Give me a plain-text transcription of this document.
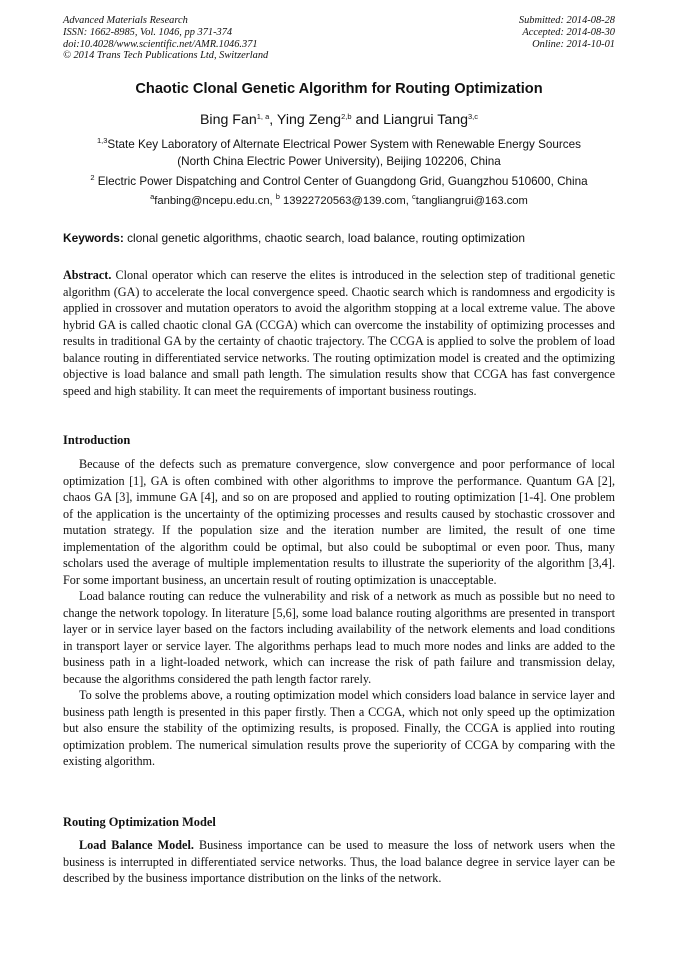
Advanced Materials Research
ISSN: 1662-8985, Vol. 1046, pp 371-374
doi:10.4028/www.scientific.net/AMR.1046.371
© 2014 Trans Tech Publications Ltd, Switzerland
Submitted: 2014-08-28
Accepted: 2014-08-30
Online: 2014-10-01
Chaotic Clonal Genetic Algorithm for Routing Optimization
Bing Fan$^{1, a}$, Ying Zeng$^{2,b}$ and Liangrui Tang$^{3,c}$
$^{1,3}$State Key Laboratory of Alternate Electrical Power System with Renewable Energy Sources
(North China Electric Power University), Beijing 102206, China
$^2$ Electric Power Dispatching and Control Center of Guangdong Grid, Guangzhou 510600, China
$^a$fanbing@ncepu.edu.cn, $^b$ 13922720563@139.com, $^c$tangliangrui@163.com
Keywords: clonal genetic algorithms, chaotic search, load balance, routing optimization

Abstract. Clonal operator which can reserve the elites is introduced in the selection step of traditional genetic algorithm (GA) to accelerate the local convergence speed. Chaotic search which is randomness and ergodicity is applied in crossover and mutation operators to avoid the algorithm stopping at a local extreme value. The above hybrid GA is called chaotic clonal GA (CCGA) which can overcome the instability of optimizing processes and results in traditional GA by the certainty of chaotic trajectory. The CCGA is applied to solve the problem of load balance routing in differentiated service networks. The routing optimization model is created and the optimizing objective is load balance and small path length. The simulation results show that CCGA has fast convergence speed and high stability. It can meet the requirements of important business routings.

Introduction

Because of the defects such as premature convergence, slow convergence and poor performance of local optimization [1], GA is often combined with other algorithms to improve the performance. Quantum GA [2], chaos GA [3], immune GA [4], and so on are proposed and applied to routing optimization [1-4]. One problem of the application is the uncertainty of the optimizing processes and results caused by stochastic crossover and mutation strategy. If the population size and the iteration number are limited, the result of one time implementation of the algorithm could be optimal, but also could be suboptimal or even poor. Thus, many scholars used the average of multiple implementation results to illustrate the superiority of the algorithm [3,4]. For some important business, an uncertain result of routing optimization is unacceptable.

Load balance routing can reduce the vulnerability and risk of a network as much as possible but no need to change the network topology. In literature [5,6], some load balance routing algorithms are presented in transport layer or in service layer based on the factors including availability of the network elements and load conditions in transport layer or service layer. The algorithms perhaps lead to much more nodes and links are added to the business path in a light-loaded network, which can increase the risk of path failure and transmission delay, because the algorithms considered the path length factor rarely.

To solve the problems above, a routing optimization model which considers load balance in service layer and business path length is presented in this paper firstly. Then a CCGA, which not only speed up the optimization but also ensure the stability of the optimizing results, is proposed. Finally, the CCGA is applied into routing optimization problem. The numerical simulation results prove the superiority of CCGA by comparing with the existing algorithm.

Routing Optimization Model

Load Balance Model. Business importance can be used to measure the loss of network users when the business is interrupted in differentiated service networks. Thus, the load balance degree in service layer can be described by the business importance distribution on the links of the network.
